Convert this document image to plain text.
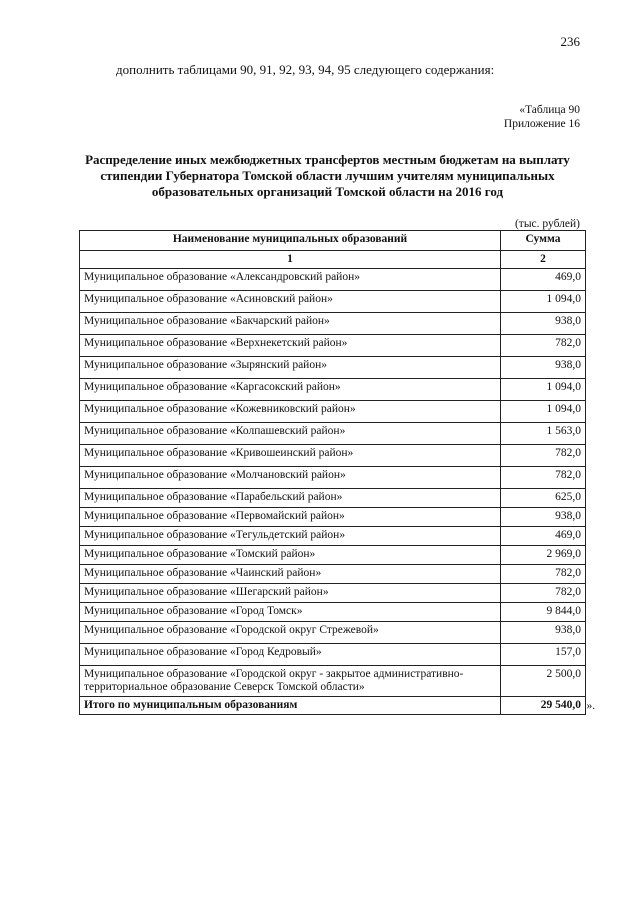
236
дополнить таблицами 90, 91, 92, 93, 94, 95 следующего содержания:
«Таблица 90
Приложение 16
Распределение иных межбюджетных трансфертов местным бюджетам на выплату стипендии Губернатора Томской области лучшим учителям муниципальных образовательных организаций Томской области на 2016 год
(тыс. рублей)
Наименование муниципальных образований	Сумма
1	2
Муниципальное образование «Александровский район»	469,0
Муниципальное образование «Асиновский район»	1 094,0
Муниципальное образование «Бакчарский район»	938,0
Муниципальное образование «Верхнекетский район»	782,0
Муниципальное образование «Зырянский район»	938,0
Муниципальное образование «Каргасокский район»	1 094,0
Муниципальное образование «Кожевниковский район»	1 094,0
Муниципальное образование «Колпашевский район»	1 563,0
Муниципальное образование «Кривошеинский район»	782,0
Муниципальное образование «Молчановский район»	782,0
Муниципальное образование «Парабельский район»	625,0
Муниципальное образование «Первомайский район»	938,0
Муниципальное образование «Тегульдетский район»	469,0
Муниципальное образование «Томский район»	2 969,0
Муниципальное образование «Чаинский район»	782,0
Муниципальное образование «Шегарский район»	782,0
Муниципальное образование «Город Томск»	9 844,0
Муниципальное образование «Городской округ Стрежевой»	938,0
Муниципальное образование «Город Кедровый»	157,0
Муниципальное образование «Городской округ - закрытое административно-территориальное образование Северск Томской области»	2 500,0
Итого по муниципальным образованиям	29 540,0 ».
